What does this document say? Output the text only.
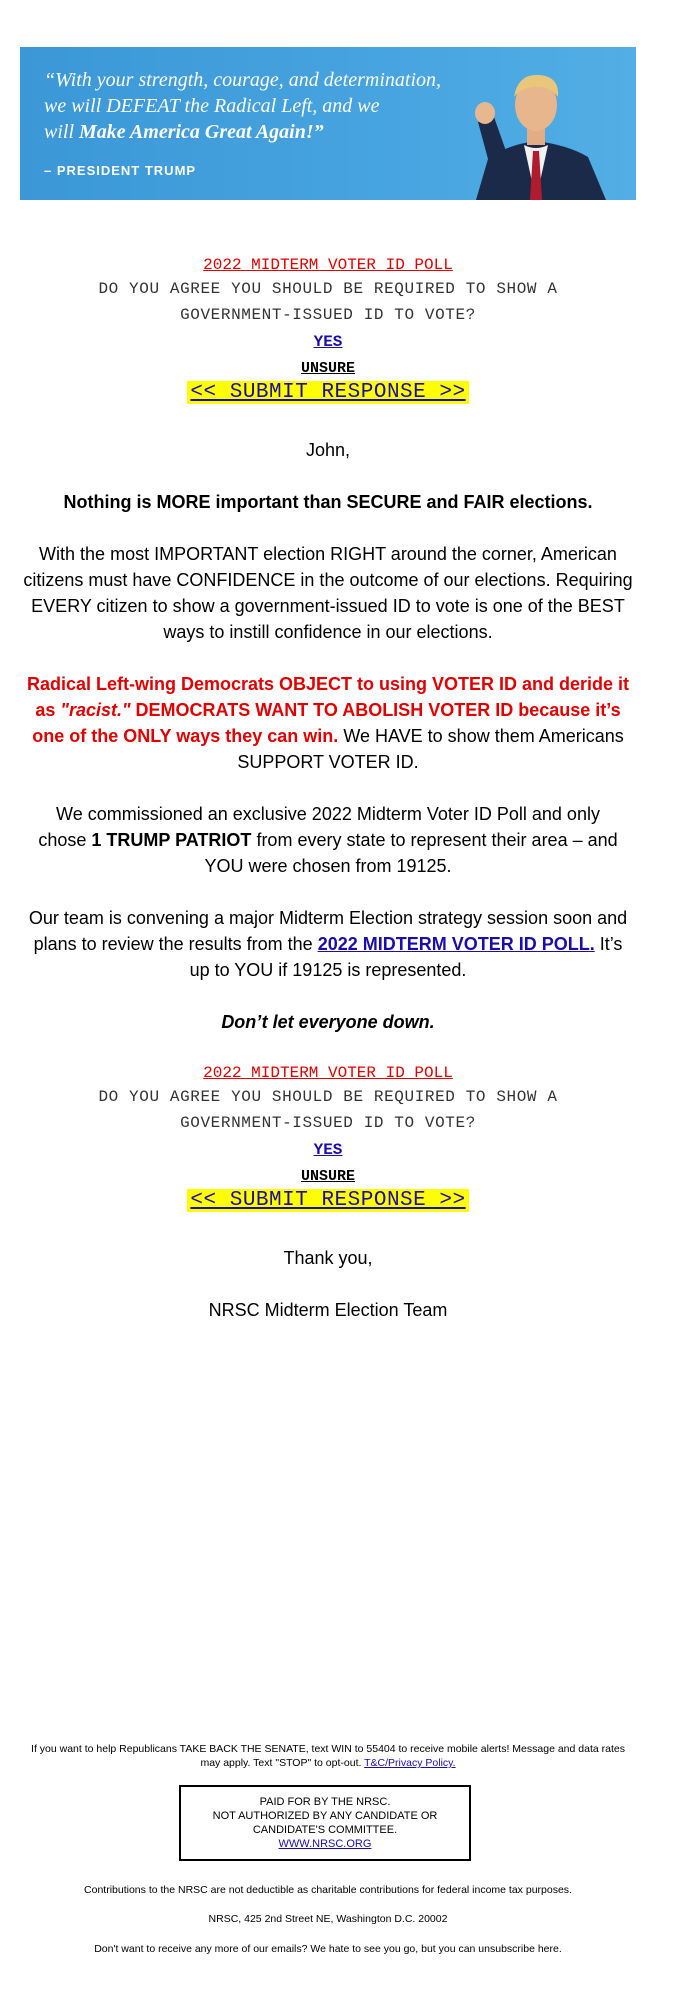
“With your strength, courage, and determination,
we will DEFEAT the Radical Left, and we
will Make America Great Again!”
– PRESIDENT TRUMP
2022 MIDTERM VOTER ID POLL
DO YOU AGREE YOU SHOULD BE REQUIRED TO SHOW A
GOVERNMENT-ISSUED ID TO VOTE?
YES
UNSURE
<< SUBMIT RESPONSE >>
John,
Nothing is MORE important than SECURE and FAIR elections.
With the most IMPORTANT election RIGHT around the corner, American citizens must have CONFIDENCE in the outcome of our elections. Requiring EVERY citizen to show a government-issued ID to vote is one of the BEST ways to instill confidence in our elections.
Radical Left-wing Democrats OBJECT to using VOTER ID and deride it as "racist." DEMOCRATS WANT TO ABOLISH VOTER ID because it’s one of the ONLY ways they can win. We HAVE to show them Americans SUPPORT VOTER ID.
We commissioned an exclusive 2022 Midterm Voter ID Poll and only chose 1 TRUMP PATRIOT from every state to represent their area – and YOU were chosen from 19125.
Our team is convening a major Midterm Election strategy session soon and plans to review the results from the 2022 MIDTERM VOTER ID POLL. It’s up to YOU if 19125 is represented.
Don’t let everyone down.
2022 MIDTERM VOTER ID POLL
DO YOU AGREE YOU SHOULD BE REQUIRED TO SHOW A
GOVERNMENT-ISSUED ID TO VOTE?
YES
UNSURE
<< SUBMIT RESPONSE >>
Thank you,
NRSC Midterm Election Team
If you want to help Republicans TAKE BACK THE SENATE, text WIN to 55404 to receive mobile alerts! Message and data rates may apply. Text "STOP" to opt-out. T&C/Privacy Policy.
PAID FOR BY THE NRSC.
NOT AUTHORIZED BY ANY CANDIDATE OR
CANDIDATE'S COMMITTEE.
WWW.NRSC.ORG
Contributions to the NRSC are not deductible as charitable contributions for federal income tax purposes.
NRSC, 425 2nd Street NE, Washington D.C. 20002
Don't want to receive any more of our emails? We hate to see you go, but you can unsubscribe here.
